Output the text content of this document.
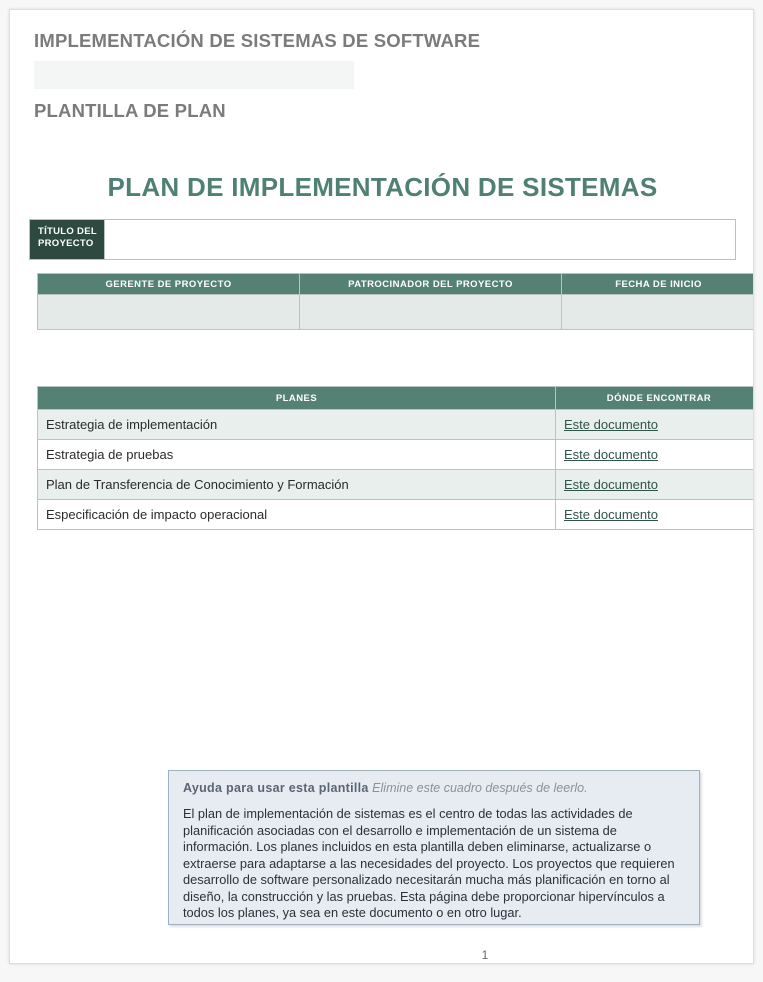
IMPLEMENTACIÓN DE SISTEMAS DE SOFTWARE
PLANTILLA DE PLAN
PLAN DE IMPLEMENTACIÓN DE SISTEMAS
TÍTULO DEL
PROYECTO
GERENTE DE PROYECTO	PATROCINADOR DEL PROYECTO	FECHA DE INICIO

PLANES	DÓNDE ENCONTRAR
Estrategia de implementación	Este documento
Estrategia de pruebas	Este documento
Plan de Transferencia de Conocimiento y Formación	Este documento
Especificación de impacto operacional	Este documento
Ayuda para usar esta plantilla Elimine este cuadro después de leerlo.
El plan de implementación de sistemas es el centro de todas las actividades de planificación asociadas con el desarrollo e implementación de un sistema de información. Los planes incluidos en esta plantilla deben eliminarse, actualizarse o extraerse para adaptarse a las necesidades del proyecto. Los proyectos que requieren desarrollo de software personalizado necesitarán mucha más planificación en torno al diseño, la construcción y las pruebas. Esta página debe proporcionar hipervínculos a todos los planes, ya sea en este documento o en otro lugar.
1
